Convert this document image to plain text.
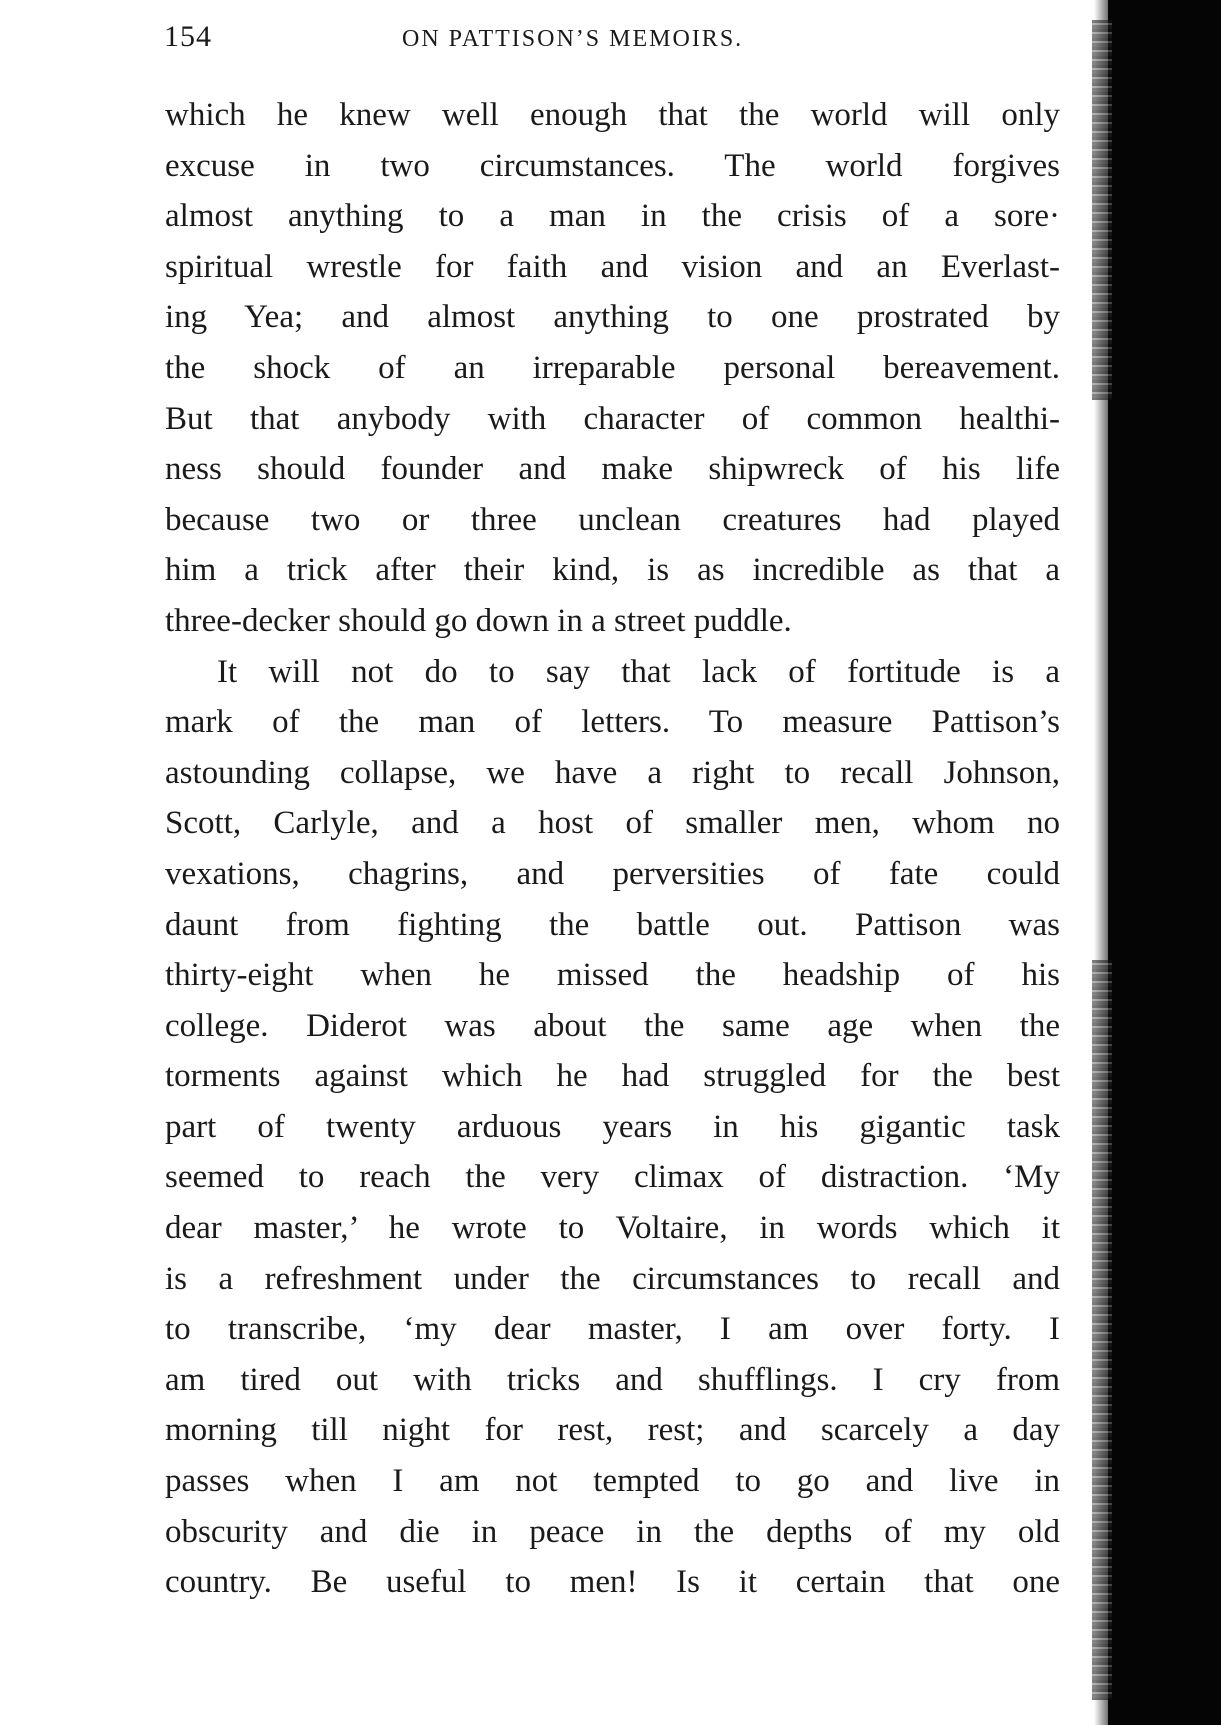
154	ON PATTISON’S MEMOIRS.
which he knew well enough that the world will only
excuse in two circumstances. The world forgives
almost anything to a man in the crisis of a sore·
spiritual wrestle for faith and vision and an Everlast-
ing Yea; and almost anything to one prostrated by
the shock of an irreparable personal bereavement.
But that anybody with character of common healthi-
ness should founder and make shipwreck of his life
because two or three unclean creatures had played
him a trick after their kind, is as incredible as that a
three-decker should go down in a street puddle.
It will not do to say that lack of fortitude is a
mark of the man of letters. To measure Pattison’s
astounding collapse, we have a right to recall Johnson,
Scott, Carlyle, and a host of smaller men, whom no
vexations, chagrins, and perversities of fate could
daunt from fighting the battle out. Pattison was
thirty-eight when he missed the headship of his
college. Diderot was about the same age when the
torments against which he had struggled for the best
part of twenty arduous years in his gigantic task
seemed to reach the very climax of distraction. ‘My
dear master,’ he wrote to Voltaire, in words which it
is a refreshment under the circumstances to recall and
to transcribe, ‘my dear master, I am over forty. I
am tired out with tricks and shufflings. I cry from
morning till night for rest, rest; and scarcely a day
passes when I am not tempted to go and live in
obscurity and die in peace in the depths of my old
country. Be useful to men! Is it certain that one
